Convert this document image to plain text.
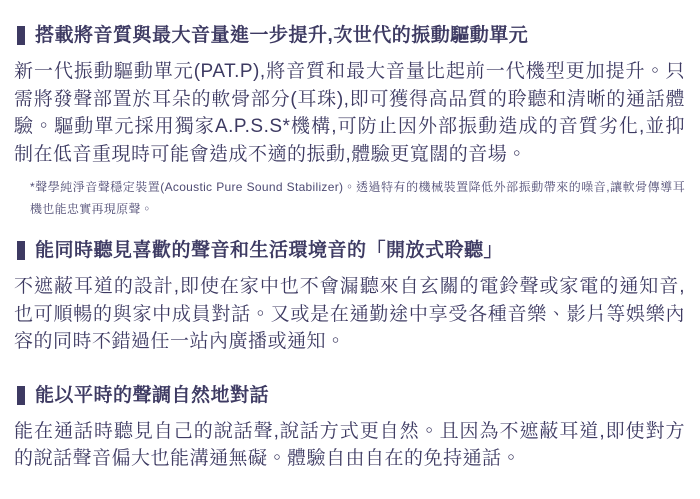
搭載將音質與最大音量進一步提升,次世代的振動驅動單元

新一代振動驅動單元(PAT.P),將音質和最大音量比起前一代機型更加提升。只需將發聲部置於耳朵的軟骨部分(耳珠),即可獲得高品質的聆聽和清晰的通話體驗。驅動單元採用獨家A.P.S.S*機構,可防止因外部振動造成的音質劣化,並抑制在低音重現時可能會造成不適的振動,體驗更寬闊的音場。

*聲學純淨音聲穩定裝置(Acoustic Pure Sound Stabilizer)。透過特有的機械裝置降低外部振動帶來的噪音,讓軟骨傳導耳機也能忠實再現原聲。

能同時聽見喜歡的聲音和生活環境音的「開放式聆聽」

不遮蔽耳道的設計,即使在家中也不會漏聽來自玄關的電鈴聲或家電的通知音,也可順暢的與家中成員對話。又或是在通勤途中享受各種音樂、影片等娛樂內容的同時不錯過任一站內廣播或通知。

能以平時的聲調自然地對話

能在通話時聽見自己的說話聲,說話方式更自然。且因為不遮蔽耳道,即使對方的說話聲音偏大也能溝通無礙。體驗自由自在的免持通話。
